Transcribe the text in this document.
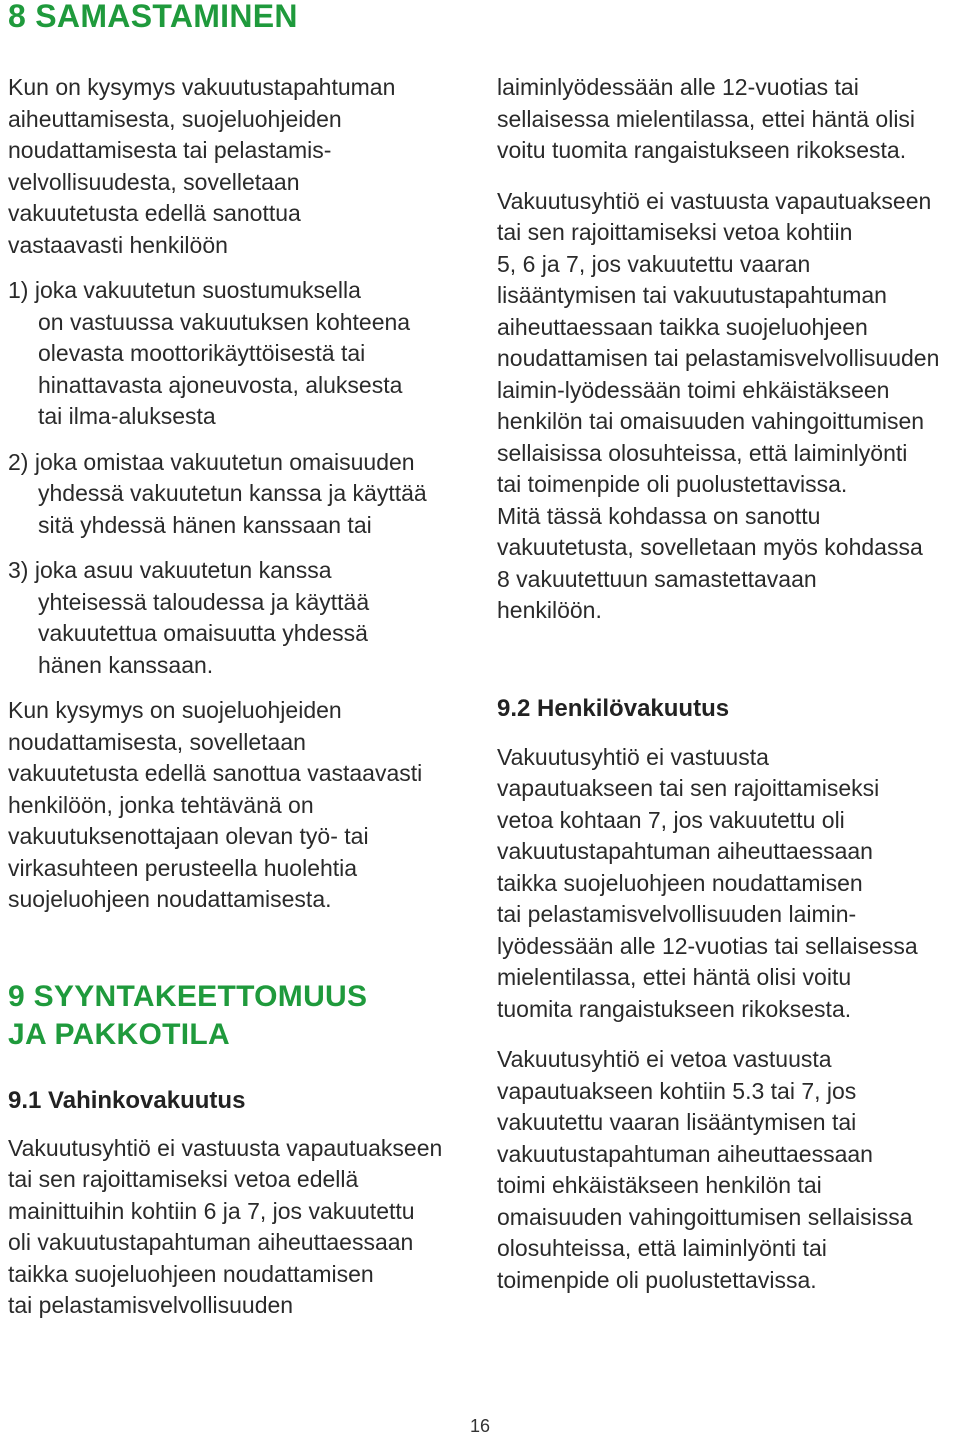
8 SAMASTAMINEN

Kun on kysymys vakuutustapahtuman
aiheuttamisesta, suojeluohjeiden
noudattamisesta tai pelastamis-
velvollisuudesta, sovelletaan
vakuutetusta edellä sanottua
vastaavasti henkilöön

1) joka vakuutetun suostumuksella
on vastuussa vakuutuksen kohteena
olevasta moottorikäyttöisestä tai
hinattavasta ajoneuvosta, aluksesta
tai ilma-aluksesta
2) joka omistaa vakuutetun omaisuuden
yhdessä vakuutetun kanssa ja käyttää
sitä yhdessä hänen kanssaan tai
3) joka asuu vakuutetun kanssa
yhteisessä taloudessa ja käyttää
vakuutettua omaisuutta yhdessä
hänen kanssaan.

Kun kysymys on suojeluohjeiden
noudattamisesta, sovelletaan
vakuutetusta edellä sanottua vastaavasti
henkilöön, jonka tehtävänä on
vakuutuksenottajaan olevan työ- tai
virkasuhteen perusteella huolehtia
suojeluohjeen noudattamisesta.

9 SYYNTAKEETTOMUUS
JA PAKKOTILA
9.1 Vahinkovakuutus

Vakuutusyhtiö ei vastuusta vapautuakseen
tai sen rajoittamiseksi vetoa edellä
mainittuihin kohtiin 6 ja 7, jos vakuutettu
oli vakuutustapahtuman aiheuttaessaan
taikka suojeluohjeen noudattamisen
tai pelastamisvelvollisuuden

laiminlyödessään alle 12-vuotias tai
sellaisessa mielentilassa, ettei häntä olisi
voitu tuomita rangaistukseen rikoksesta.

Vakuutusyhtiö ei vastuusta vapautuakseen
tai sen rajoittamiseksi vetoa kohtiin
5, 6 ja 7, jos vakuutettu vaaran
lisääntymisen tai vakuutustapahtuman
aiheuttaessaan taikka suojeluohjeen
noudattamisen tai pelastamisvelvollisuuden
laimin-lyödessään toimi ehkäistäkseen
henkilön tai omaisuuden vahingoittumisen
sellaisissa olosuhteissa, että laiminlyönti
tai toimenpide oli puolustettavissa.
Mitä tässä kohdassa on sanottu
vakuutetusta, sovelletaan myös kohdassa
8 vakuutettuun samastettavaan
henkilöön.

9.2 Henkilövakuutus

Vakuutusyhtiö ei vastuusta
vapautuakseen tai sen rajoittamiseksi
vetoa kohtaan 7, jos vakuutettu oli
vakuutustapahtuman aiheuttaessaan
taikka suojeluohjeen noudattamisen
tai pelastamisvelvollisuuden laimin-
lyödessään alle 12-vuotias tai sellaisessa
mielentilassa, ettei häntä olisi voitu
tuomita rangaistukseen rikoksesta.

Vakuutusyhtiö ei vetoa vastuusta
vapautuakseen kohtiin 5.3 tai 7, jos
vakuutettu vaaran lisääntymisen tai
vakuutustapahtuman aiheuttaessaan
toimi ehkäistäkseen henkilön tai
omaisuuden vahingoittumisen sellaisissa
olosuhteissa, että laiminlyönti tai
toimenpide oli puolustettavissa.

16
